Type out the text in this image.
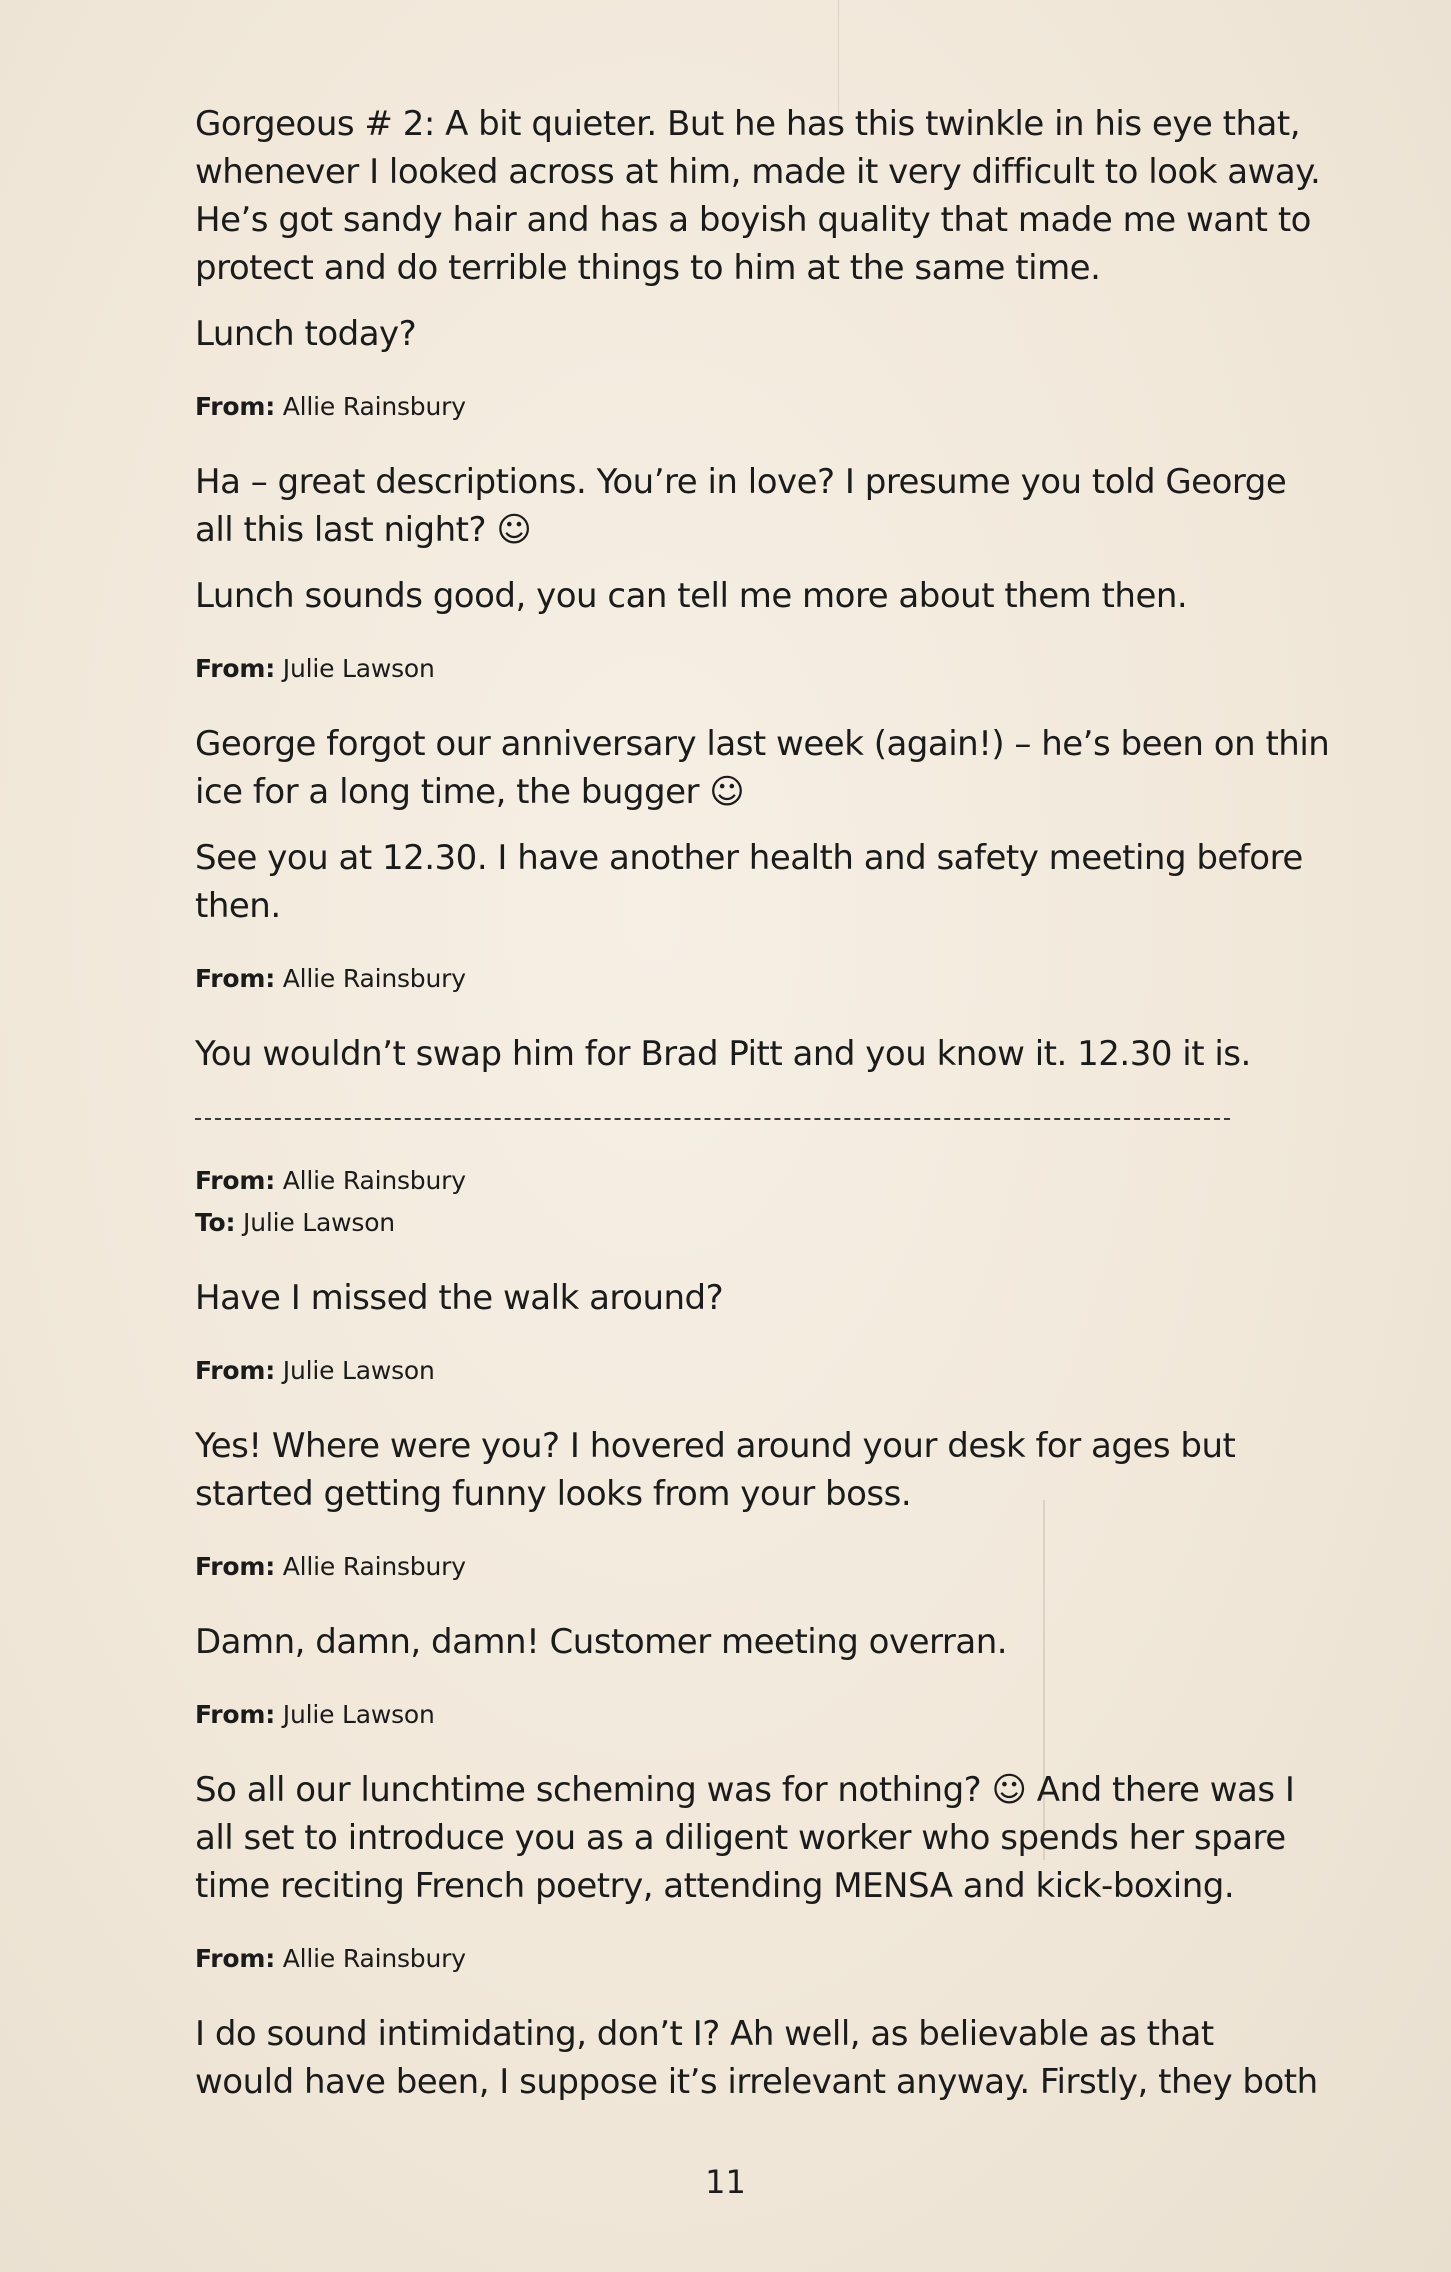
Gorgeous # 2: A bit quieter. But he has this twinkle in his eye that,
whenever I looked across at him, made it very difficult to look away.
He’s got sandy hair and has a boyish quality that made me want to
protect and do terrible things to him at the same time.

Lunch today?

From: Allie Rainsbury

Ha – great descriptions. You’re in love? I presume you told George
all this last night? ☺

Lunch sounds good, you can tell me more about them then.

From: Julie Lawson

George forgot our anniversary last week (again!) – he’s been on thin
ice for a long time, the bugger ☺

See you at 12.30. I have another health and safety meeting before
then.

From: Allie Rainsbury

You wouldn’t swap him for Brad Pitt and you know it. 12.30 it is.

From: Allie Rainsbury

To: Julie Lawson

Have I missed the walk around?

From: Julie Lawson

Yes! Where were you? I hovered around your desk for ages but
started getting funny looks from your boss.

From: Allie Rainsbury

Damn, damn, damn! Customer meeting overran.

From: Julie Lawson

So all our lunchtime scheming was for nothing? ☺ And there was I
all set to introduce you as a diligent worker who spends her spare
time reciting French poetry, attending MENSA and kick-boxing.

From: Allie Rainsbury

I do sound intimidating, don’t I? Ah well, as believable as that
would have been, I suppose it’s irrelevant anyway. Firstly, they both

11
